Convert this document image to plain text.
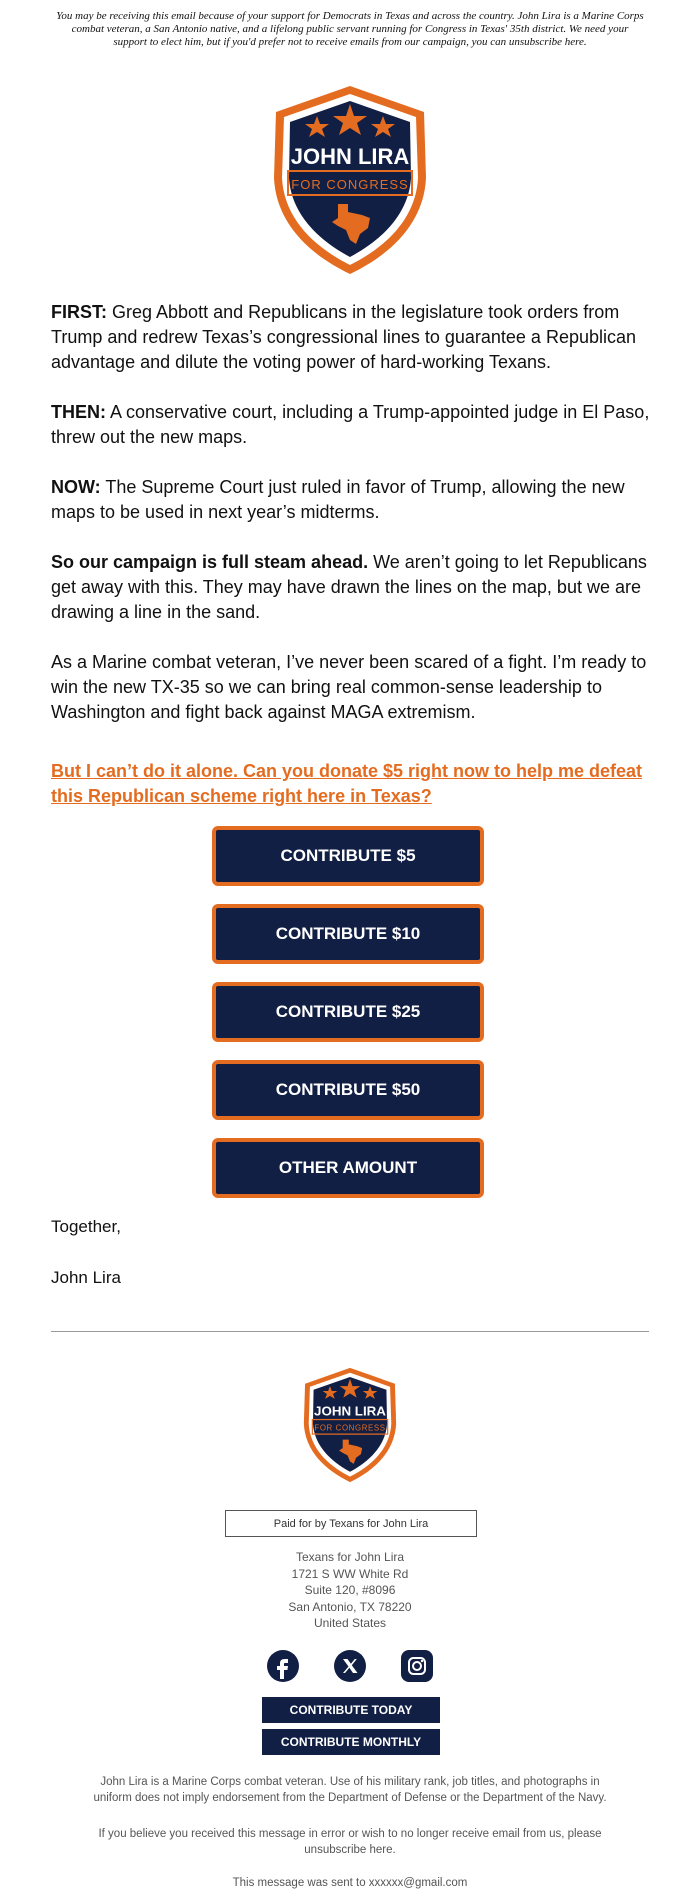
You may be receiving this email because of your support for Democrats in Texas and across the country. John Lira is a Marine Corps combat veteran, a San Antonio native, and a lifelong public servant running for Congress in Texas' 35th district. We need your support to elect him, but if you'd prefer not to receive emails from our campaign, you can unsubscribe here.
JOHN LIRA
FOR CONGRESS

FIRST: Greg Abbott and Republicans in the legislature took orders from Trump and redrew Texas’s congressional lines to guarantee a Republican advantage and dilute the voting power of hard-working Texans.

THEN: A conservative court, including a Trump-appointed judge in El Paso, threw out the new maps.

NOW: The Supreme Court just ruled in favor of Trump, allowing the new maps to be used in next year’s midterms.

So our campaign is full steam ahead. We aren’t going to let Republicans get away with this. They may have drawn the lines on the map, but we are drawing a line in the sand.

As a Marine combat veteran, I’ve never been scared of a fight. I’m ready to win the new TX-35 so we can bring real common-sense leadership to Washington and fight back against MAGA extremism.

But I can’t do it alone. Can you donate $5 right now to help me defeat this Republican scheme right here in Texas?
CONTRIBUTE $5
CONTRIBUTE $10
CONTRIBUTE $25
CONTRIBUTE $50
OTHER AMOUNT
Together,
John Lira
JOHN LIRA
FOR CONGRESS
Paid for by Texans for John Lira
Texans for John Lira
1721 S WW White Rd
Suite 120, #8096
San Antonio, TX 78220
United States
CONTRIBUTE TODAY
CONTRIBUTE MONTHLY
John Lira is a Marine Corps combat veteran. Use of his military rank, job titles, and photographs in uniform does not imply endorsement from the Department of Defense or the Department of the Navy.
If you believe you received this message in error or wish to no longer receive email from us, please unsubscribe here.
This message was sent to xxxxxx@gmail.com
